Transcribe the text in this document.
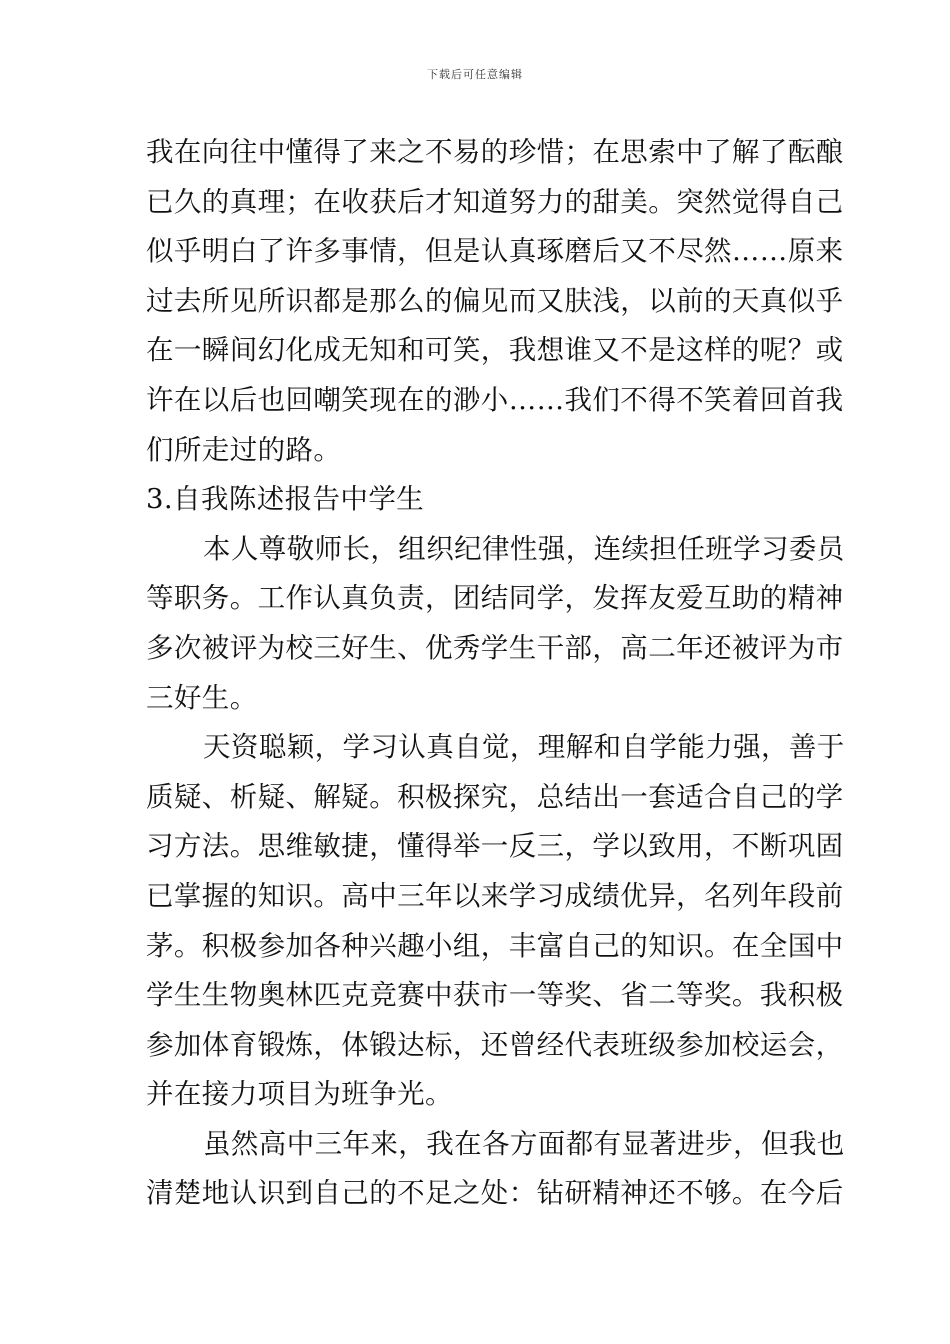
下载后可任意编辑
我在向往中懂得了来之不易的珍惜；在思索中了解了酝酿
已久的真理；在收获后才知道努力的甜美。突然觉得自己
似乎明白了许多事情，但是认真琢磨后又不尽然……原来
过去所见所识都是那么的偏见而又肤浅，以前的天真似乎
在一瞬间幻化成无知和可笑，我想谁又不是这样的呢？或
许在以后也回嘲笑现在的渺小……我们不得不笑着回首我
们所走过的路。
3.自我陈述报告中学生
本人尊敬师长，组织纪律性强，连续担任班学习委员
等职务。工作认真负责，团结同学，发挥友爱互助的精神
多次被评为校三好生、优秀学生干部，高二年还被评为市
三好生。
天资聪颖，学习认真自觉，理解和自学能力强，善于
质疑、析疑、解疑。积极探究，总结出一套适合自己的学
习方法。思维敏捷，懂得举一反三，学以致用，不断巩固
已掌握的知识。高中三年以来学习成绩优异，名列年段前
茅。积极参加各种兴趣小组，丰富自己的知识。在全国中
学生生物奥林匹克竞赛中获市一等奖、省二等奖。我积极
参加体育锻炼，体锻达标，还曾经代表班级参加校运会，
并在接力项目为班争光。
虽然高中三年来，我在各方面都有显著进步，但我也
清楚地认识到自己的不足之处：钻研精神还不够。在今后
